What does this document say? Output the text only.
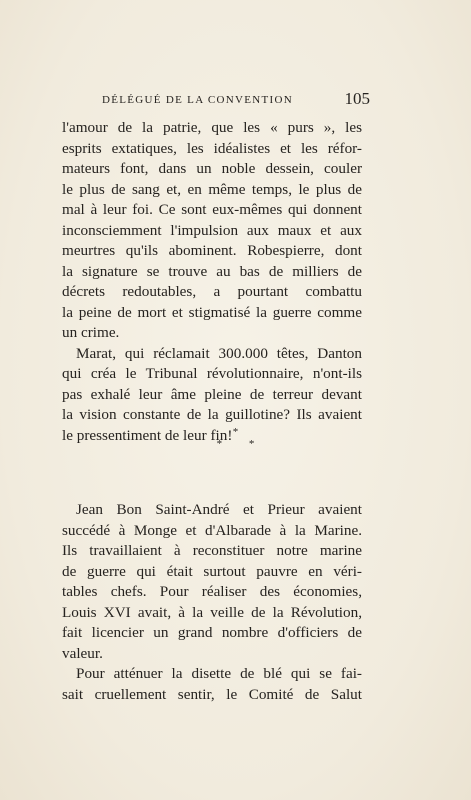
DÉLÉGUÉ DE LA CONVENTION	105
l'amour de la patrie, que les « purs », les
esprits extatiques, les idéalistes et les réfor-
mateurs font, dans un noble dessein, couler
le plus de sang et, en même temps, le plus de
mal à leur foi. Ce sont eux-mêmes qui donnent
inconsciemment l'impulsion aux maux et aux
meurtres qu'ils abominent. Robespierre, dont
la signature se trouve au bas de milliers de
décrets redoutables, a pourtant combattu
la peine de mort et stigmatisé la guerre comme
un crime.
Marat, qui réclamait 300.000 têtes, Danton
qui créa le Tribunal révolutionnaire, n'ont-ils
pas exhalé leur âme pleine de terreur devant
la vision constante de la guillotine? Ils avaient
le pressentiment de leur fin! *
* *
Jean Bon Saint-André et Prieur avaient
succédé à Monge et d'Albarade à la Marine.
Ils travaillaient à reconstituer notre marine
de guerre qui était surtout pauvre en véri-
tables chefs. Pour réaliser des économies,
Louis XVI avait, à la veille de la Révolution,
fait licencier un grand nombre d'officiers de
valeur.
Pour atténuer la disette de blé qui se fai-
sait cruellement sentir, le Comité de Salut
